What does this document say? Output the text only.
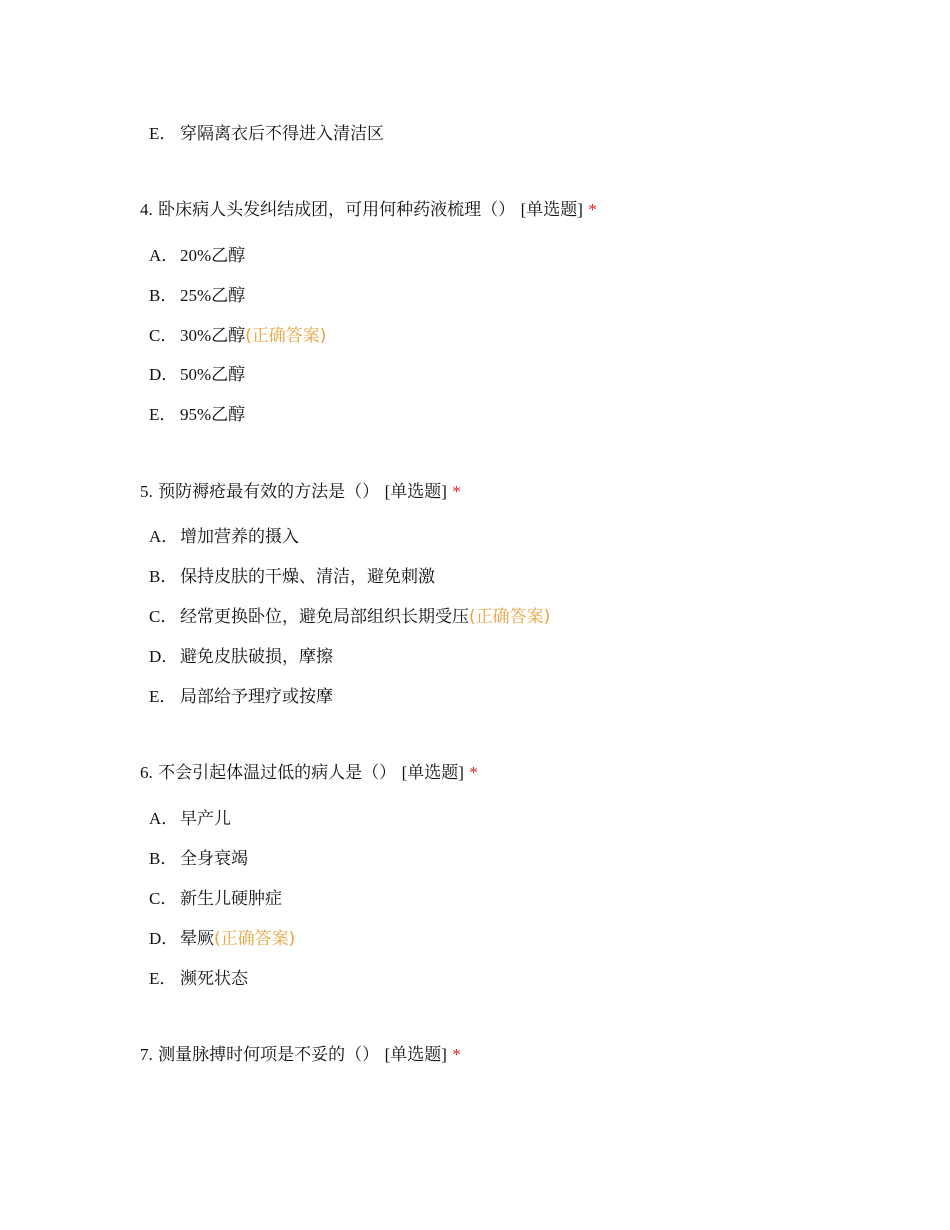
E． 穿隔离衣后不得进入清洁区
4. 卧床病人头发纠结成团，可用何种药液梳理（） [单选题] *
A． 20%乙醇
B． 25%乙醇
C． 30%乙醇(正确答案)
D． 50%乙醇
E． 95%乙醇
5. 预防褥疮最有效的方法是（） [单选题] *
A． 增加营养的摄入
B． 保持皮肤的干燥、清洁，避免刺激
C． 经常更换卧位，避免局部组织长期受压(正确答案)
D． 避免皮肤破损，摩擦
E． 局部给予理疗或按摩
6. 不会引起体温过低的病人是（） [单选题] *
A． 早产儿
B． 全身衰竭
C． 新生儿硬肿症
D． 晕厥(正确答案)
E． 濒死状态
7. 测量脉搏时何项是不妥的（） [单选题] *
